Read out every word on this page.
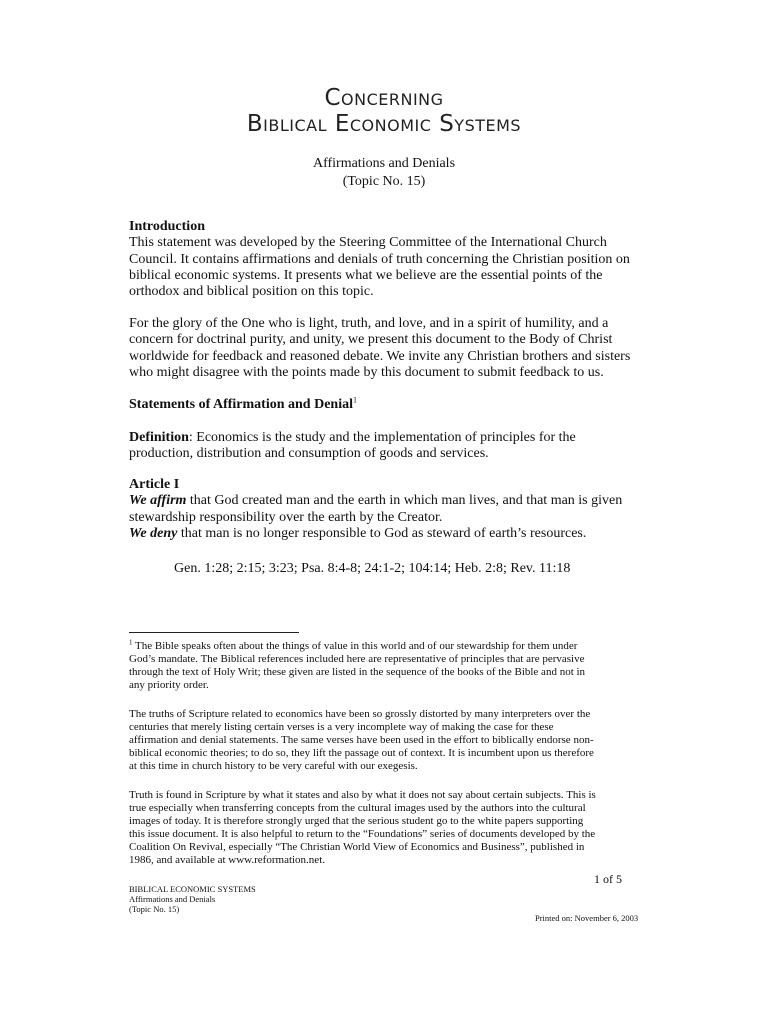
Concerning
Biblical Economic Systems
Affirmations and Denials
(Topic No. 15)
Introduction
This statement was developed by the Steering Committee of the International Church
Council. It contains affirmations and denials of truth concerning the Christian position on
biblical economic systems. It presents what we believe are the essential points of the
orthodox and biblical position on this topic.
For the glory of the One who is light, truth, and love, and in a spirit of humility, and a
concern for doctrinal purity, and unity, we present this document to the Body of Christ
worldwide for feedback and reasoned debate. We invite any Christian brothers and sisters
who might disagree with the points made by this document to submit feedback to us.
Statements of Affirmation and Denial$^1$
Definition: Economics is the study and the implementation of principles for the
production, distribution and consumption of goods and services.
Article I
We affirm that God created man and the earth in which man lives, and that man is given
stewardship responsibility over the earth by the Creator.
We deny that man is no longer responsible to God as steward of earth’s resources.
Gen. 1:28; 2:15; 3:23; Psa. 8:4-8; 24:1-2; 104:14; Heb. 2:8; Rev. 11:18
$^1$ The Bible speaks often about the things of value in this world and of our stewardship for them under
God’s mandate. The Biblical references included here are representative of principles that are pervasive
through the text of Holy Writ; these given are listed in the sequence of the books of the Bible and not in
any priority order.
The truths of Scripture related to economics have been so grossly distorted by many interpreters over the
centuries that merely listing certain verses is a very incomplete way of making the case for these
affirmation and denial statements. The same verses have been used in the effort to biblically endorse non-
biblical economic theories; to do so, they lift the passage out of context. It is incumbent upon us therefore
at this time in church history to be very careful with our exegesis.
Truth is found in Scripture by what it states and also by what it does not say about certain subjects. This is
true especially when transferring concepts from the cultural images used by the authors into the cultural
images of today. It is therefore strongly urged that the serious student go to the white papers supporting
this issue document. It is also helpful to return to the “Foundations” series of documents developed by the
Coalition On Revival, especially “The Christian World View of Economics and Business”, published in
1986, and available at www.reformation.net.
1 of 5
BIBLICAL ECONOMIC SYSTEMS
Affirmations and Denials
(Topic No. 15)
Printed on: November 6, 2003
